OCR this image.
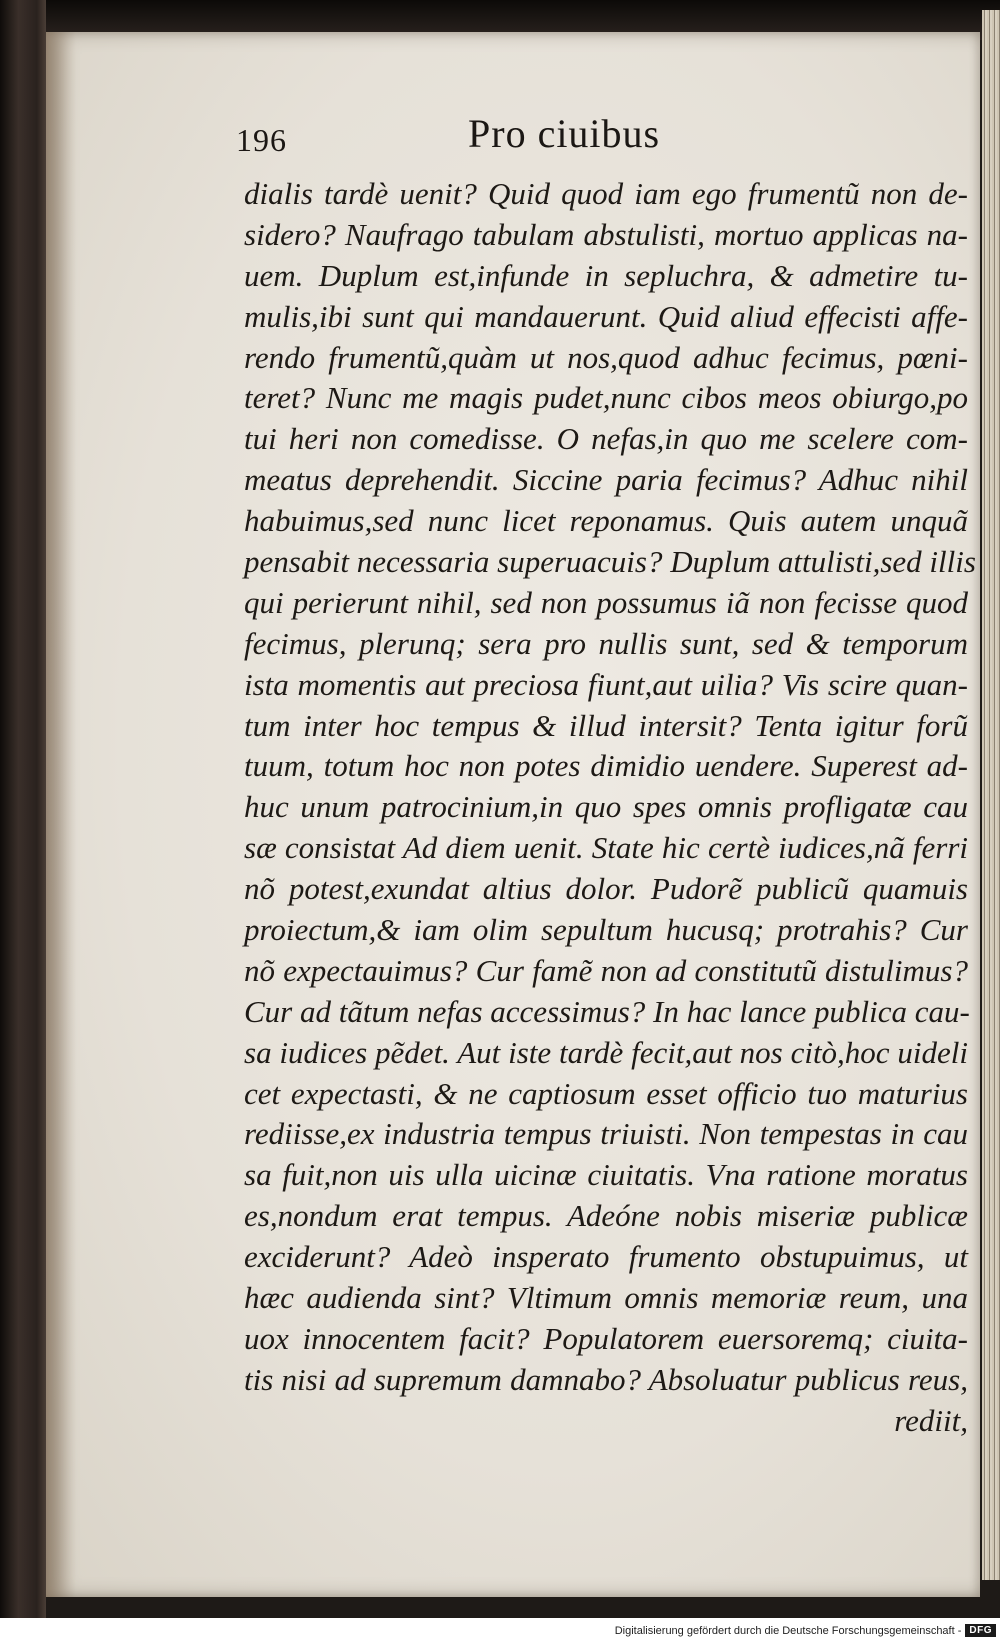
196	Pro ciuibus
dialis tardè uenit? Quid quod iam ego frumentũ non de-
sidero? Naufrago tabulam abstulisti, mortuo applicas na-
uem. Duplum est,infunde in sepluchra, & admetire tu-
mulis,ibi sunt qui mandauerunt. Quid aliud effecisti affe-
rendo frumentũ,quàm ut nos,quod adhuc fecimus, pœni-
teret? Nunc me magis pudet,nunc cibos meos obiurgo,po
tui heri non comedisse. O nefas,in quo me scelere com-
meatus deprehendit. Siccine paria fecimus? Adhuc nihil
habuimus,sed nunc licet reponamus. Quis autem unquã
pensabit necessaria superuacuis? Duplum attulisti,sed illis
qui perierunt nihil, sed non possumus iã non fecisse quod
fecimus, plerunq; sera pro nullis sunt, sed & temporum
ista momentis aut preciosa fiunt,aut uilia? Vis scire quan-
tum inter hoc tempus & illud intersit? Tenta igitur forũ
tuum, totum hoc non potes dimidio uendere. Superest ad-
huc unum patrocinium,in quo spes omnis profligatæ cau
sæ consistat Ad diem uenit. State hic certè iudices,nã ferri
nõ potest,exundat altius dolor. Pudorẽ publicũ quamuis
proiectum,& iam olim sepultum hucusq; protrahis? Cur
nõ expectauimus? Cur famẽ non ad constitutũ distulimus?
Cur ad tãtum nefas accessimus? In hac lance publica cau-
sa iudices pẽdet. Aut iste tardè fecit,aut nos citò,hoc uideli
cet expectasti, & ne captiosum esset officio tuo maturius
rediisse,ex industria tempus triuisti. Non tempestas in cau
sa fuit,non uis ulla uicinæ ciuitatis. Vna ratione moratus
es,nondum erat tempus. Adeóne nobis miseriæ publicæ
exciderunt? Adeò insperato frumento obstupuimus, ut
hæc audienda sint? Vltimum omnis memoriæ reum, una
uox innocentem facit? Populatorem euersoremq; ciuita-
tis nisi ad supremum damnabo? Absoluatur publicus reus,
rediit,
Digitalisierung gefördert durch die Deutsche Forschungsgemeinschaft - DFG
